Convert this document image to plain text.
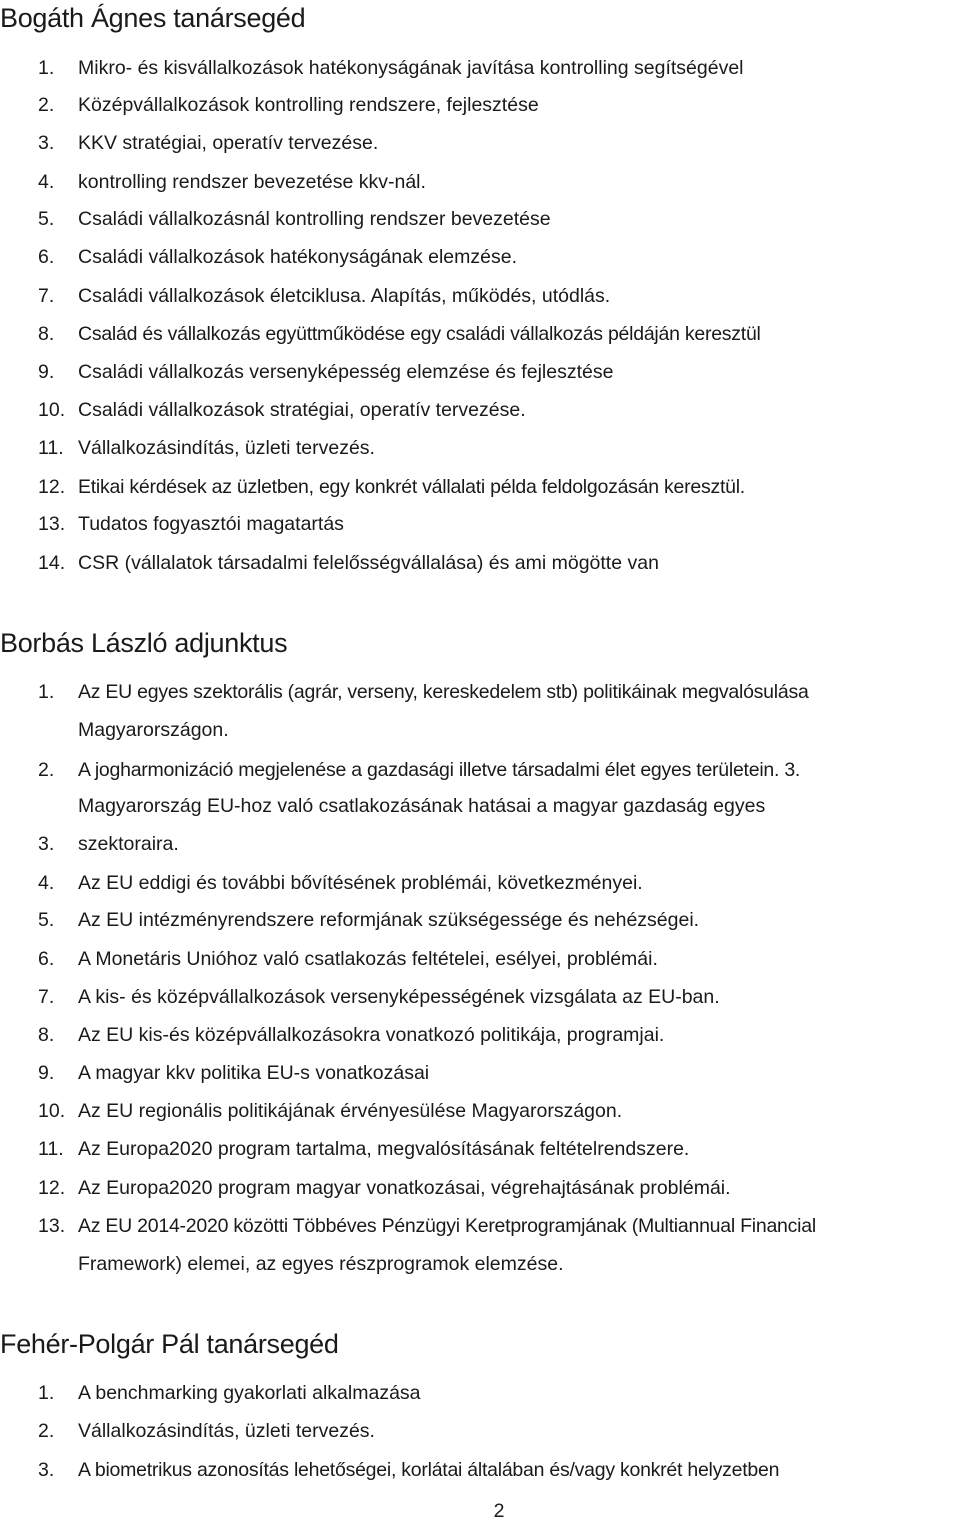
Bogáth Ágnes tanársegéd
1. Mikro- és kisvállalkozások hatékonyságának javítása kontrolling segítségével
2. Középvállalkozások kontrolling rendszere, fejlesztése
3. KKV stratégiai, operatív tervezése.
4. kontrolling rendszer bevezetése kkv-nál.
5. Családi vállalkozásnál kontrolling rendszer bevezetése
6. Családi vállalkozások hatékonyságának elemzése.
7. Családi vállalkozások életciklusa. Alapítás, működés, utódlás.
8. Család és vállalkozás együttműködése egy családi vállalkozás példáján keresztül
9. Családi vállalkozás versenyképesség elemzése és fejlesztése
10. Családi vállalkozások stratégiai, operatív tervezése.
11. Vállalkozásindítás, üzleti tervezés.
12. Etikai kérdések az üzletben, egy konkrét vállalati példa feldolgozásán keresztül.
13. Tudatos fogyasztói magatartás
14. CSR (vállalatok társadalmi felelősségvállalása) és ami mögötte van
Borbás László adjunktus
1. Az EU egyes szektorális (agrár, verseny, kereskedelem stb) politikáinak megvalósulása
Magyarországon.
2. A jogharmonizáció megjelenése a gazdasági illetve társadalmi élet egyes területein. 3.
Magyarország EU-hoz való csatlakozásának hatásai a magyar gazdaság egyes
3. szektoraira.
4. Az EU eddigi és további bővítésének problémái, következményei.
5. Az EU intézményrendszere reformjának szükségessége és nehézségei.
6. A Monetáris Unióhoz való csatlakozás feltételei, esélyei, problémái.
7. A kis- és középvállalkozások versenyképességének vizsgálata az EU-ban.
8. Az EU kis-és középvállalkozásokra vonatkozó politikája, programjai.
9. A magyar kkv politika EU-s vonatkozásai
10. Az EU regionális politikájának érvényesülése Magyarországon.
11. Az Europa2020 program tartalma, megvalósításának feltételrendszere.
12. Az Europa2020 program magyar vonatkozásai, végrehajtásának problémái.
13. Az EU 2014-2020 közötti Többéves Pénzügyi Keretprogramjának (Multiannual Financial
Framework) elemei, az egyes részprogramok elemzése.
Fehér-Polgár Pál tanársegéd
1. A benchmarking gyakorlati alkalmazása
2. Vállalkozásindítás, üzleti tervezés.
3. A biometrikus azonosítás lehetőségei, korlátai általában és/vagy konkrét helyzetben
2
